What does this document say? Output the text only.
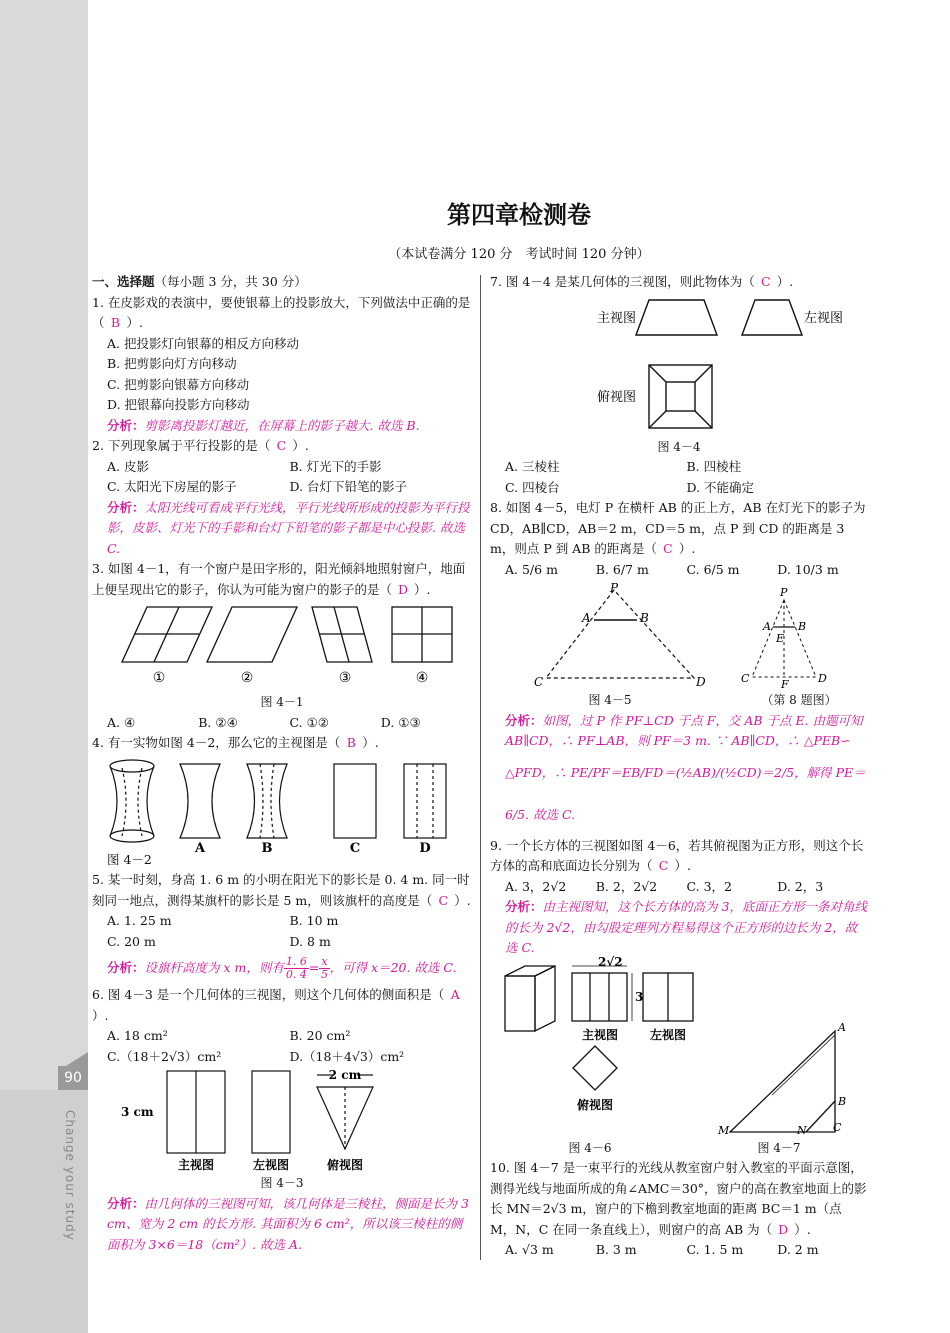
90
Change your study
第四章检测卷
（本试卷满分 120 分　考试时间 120 分钟）

一、选择题（每小题 3 分，共 30 分）

1. 在皮影戏的表演中，要使银幕上的投影放大，下列做法中正确的是（ B ）.

A. 把投影灯向银幕的相反方向移动

B. 把剪影向灯方向移动

C. 把剪影向银幕方向移动

D. 把银幕向投影方向移动

分析：剪影离投影灯越近，在屏幕上的影子越大. 故选 B.

2. 下列现象属于平行投影的是（ C ）.

A. 皮影	B. 灯光下的手影
C. 太阳光下房屋的影子	D. 台灯下铅笔的影子

分析：太阳光线可看成平行光线，平行光线所形成的投影为平行投影，皮影、灯光下的手影和台灯下铅笔的影子都是中心投影. 故选 C.

3. 如图 4－1，有一个窗户是田字形的，阳光倾斜地照射窗户，地面上便呈现出它的影子，你认为可能为窗户的影子的是（ D ）.

①	②	③	④
图 4－1
A. ④	B. ②④	C. ①②	D. ①③

4. 有一实物如图 4－2，那么它的主视图是（ B ）.

A	B	C	D
图 4－2

5. 某一时刻，身高 1. 6 m 的小明在阳光下的影长是 0. 4 m. 同一时刻同一地点，测得某旗杆的影长是 5 m，则该旗杆的高度是（ C ）.

A. 1. 25 m	B. 10 m
C. 20 m	D. 8 m

分析：设旗杆高度为 x m，则有 $\frac{1. 6}{0. 4} = \frac{x}{5}$ ，可得 x＝20. 故选 C.

6. 图 4－3 是一个几何体的三视图，则这个几何体的侧面积是（ A）.

A. 18 cm²	B. 20 cm²
C.（18＋2√3）cm²	D.（18＋4√3）cm²
3 cm
2 cm
主视图	左视图	俯视图
图 4－3

分析：由几何体的三视图可知，该几何体是三棱柱，侧面是长为 3 cm、宽为 2 cm 的长方形. 其面积为 6 cm²，所以该三棱柱的侧面积为 3×6＝18（cm²）. 故选 A.

7. 图 4－4 是某几何体的三视图，则此物体为（ C ）.

主视图	左视图
俯视图
图 4－4
A. 三棱柱	B. 四棱柱
C. 四棱台	D. 不能确定

8. 如图 4－5，电灯 P 在横杆 AB 的正上方，AB 在灯光下的影子为 CD，AB∥CD，AB＝2 m，CD＝5 m，点 P 到 CD 的距离是 3 m，则点 P 到 AB 的距离是（ C ）.

A. 5/6 m	B. 6/7 m	C. 6/5 m	D. 10/3 m
P
A	B
C	D
P
A B
E
C	D
F
图 4－5	（第 8 题图）

分析：如图，过 P 作 PF⊥CD 于点 F，交 AB 于点 E. 由题可知 AB∥CD，∴ PF⊥AB，则 PF＝3 m. ∵ AB∥CD，∴ △PEB∽

△PFD，∴ PE/PF＝EB/FD＝(½AB)/(½CD)＝2/5，解得 PE＝6/5. 故选 C.

9. 一个长方体的三视图如图 4－6，若其俯视图为正方形，则这个长方体的高和底面边长分别为（ C ）.

A. 3，2√2	B. 2，2√2	C. 3，2	D. 2，3

分析：由主视图知，这个长方体的高为 3，底面正方形一条对角线的长为 2√2，由勾股定理列方程易得这个正方形的边长为 2，故选 C.

2√2
3
主视图	左视图
俯视图
A
B
C
M	N
图 4－6	图 4－7

10. 图 4－7 是一束平行的光线从教室窗户射入教室的平面示意图，测得光线与地面所成的角∠AMC＝30°，窗户的高在教室地面上的影长 MN＝2√3 m，窗户的下檐到教室地面的距离 BC＝1 m（点 M，N，C 在同一条直线上），则窗户的高 AB 为（ D ）.

A. √3 m	B. 3 m	C. 1. 5 m	D. 2 m
